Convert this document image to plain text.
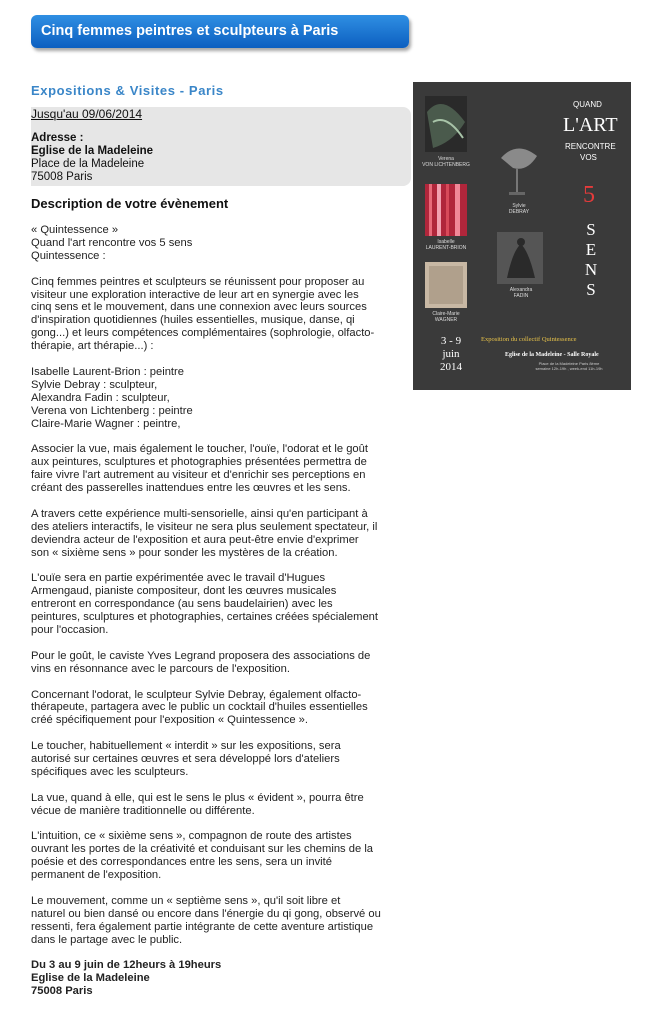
Cinq femmes peintres et sculpteurs à Paris
Expositions & Visites - Paris
Jusqu'au 09/06/2014
Adresse :
Eglise de la Madeleine
Place de la Madeleine
75008 Paris
Description de votre évènement

« Quintessence »
Quand l'art rencontre vos 5 sens
Quintessence :

Cinq femmes peintres et sculpteurs se réunissent pour proposer au
visiteur une exploration interactive de leur art en synergie avec les
cinq sens et le mouvement, dans une connexion avec leurs sources
d'inspiration quotidiennes (huiles essentielles, musique, danse, qi
gong...) et leurs compétences complémentaires (sophrologie, olfacto-
thérapie, art thérapie...) :

Isabelle Laurent-Brion : peintre
Sylvie Debray : sculpteur,
Alexandra Fadin : sculpteur,
Verena von Lichtenberg : peintre
Claire-Marie Wagner : peintre,

Associer la vue, mais également le toucher, l'ouïe, l'odorat et le goût
aux peintures, sculptures et photographies présentées permettra de
faire vivre l'art autrement au visiteur et d'enrichir ses perceptions en
créant des passerelles inattendues entre les œuvres et les sens.

A travers cette expérience multi-sensorielle, ainsi qu'en participant à
des ateliers interactifs, le visiteur ne sera plus seulement spectateur, il
deviendra acteur de l'exposition et aura peut-être envie d'exprimer
son « sixième sens » pour sonder les mystères de la création.

L'ouïe sera en partie expérimentée avec le travail d'Hugues
Armengaud, pianiste compositeur, dont les œuvres musicales
entreront en correspondance (au sens baudelairien) avec les
peintures, sculptures et photographies, certaines créées spécialement
pour l'occasion.

Pour le goût, le caviste Yves Legrand proposera des associations de
vins en résonnance avec le parcours de l'exposition.

Concernant l'odorat, le sculpteur Sylvie Debray, également olfacto-
thérapeute, partagera avec le public un cocktail d'huiles essentielles
créé spécifiquement pour l'exposition « Quintessence ».

Le toucher, habituellement « interdit » sur les expositions, sera
autorisé sur certaines œuvres et sera développé lors d'ateliers
spécifiques avec les sculpteurs.

La vue, quand à elle, qui est le sens le plus « évident », pourra être
vécue de manière traditionnelle ou différente.

L'intuition, ce « sixième sens », compagnon de route des artistes
ouvrant les portes de la créativité et conduisant sur les chemins de la
poésie et des correspondances entre les sens, sera un invité
permanent de l'exposition.

Le mouvement, comme un « septième sens », qu'il soit libre et
naturel ou bien dansé ou encore dans l'énergie du qi gong, observé ou
ressenti, fera également partie intégrante de cette aventure artistique
dans le partage avec le public.

Du 3 au 9 juin de 12heurs à 19heurs
Eglise de la Madeleine
75008 Paris
Verena
VON LICHTENBERG
Sylvie
DEBRAY
Isabelle
LAURENT-BRION
Alexandra
FADIN
Claire-Marie
WAGNER
QUAND
L'ART
RENCONTRE
VOS
5
S
E
N
S
Exposition du collectif Quintessence
3 - 9
juin
2014
Eglise de la Madeleine - Salle Royale
Place de la Madeleine Paris 8ème
semaine 12h-19h , week-end 11h-19h
